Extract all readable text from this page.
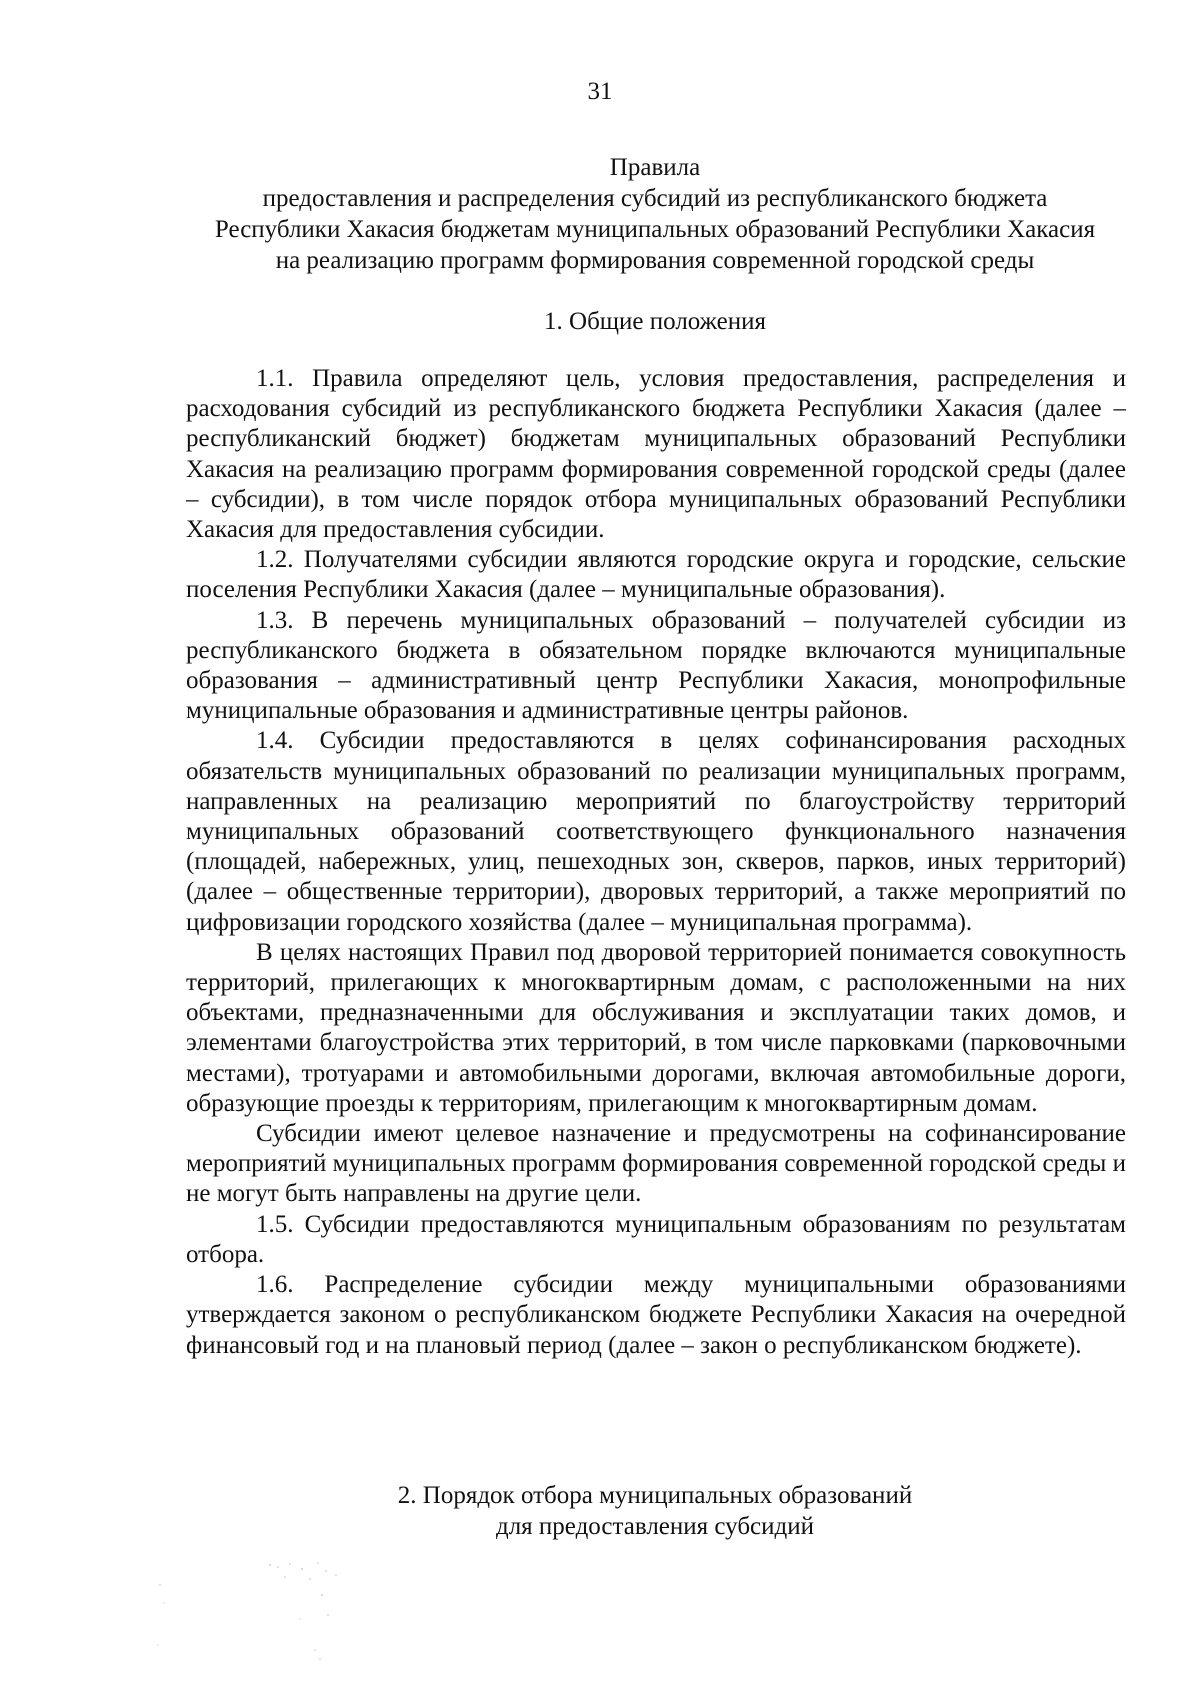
31
Правила
предоставления и распределения субсидий из республиканского бюджета
Республики Хакасия бюджетам муниципальных образований Республики Хакасия
на реализацию программ формирования современной городской среды
1. Общие положения

1.1. Правила определяют цель, условия предоставления, распределения и расходования субсидий из республиканского бюджета Республики Хакасия (далее – республиканский бюджет) бюджетам муниципальных образований Республики Хакасия на реализацию программ формирования современной городской среды (далее – субсидии), в том числе порядок отбора муниципальных образований Республики Хакасия для предоставления субсидии.

1.2. Получателями субсидии являются городские округа и городские, сельские поселения Республики Хакасия (далее – муниципальные образования).

1.3. В перечень муниципальных образований – получателей субсидии из республиканского бюджета в обязательном порядке включаются муниципальные образования – административный центр Республики Хакасия, монопрофильные муниципальные образования и административные центры районов.

1.4. Субсидии предоставляются в целях софинансирования расходных обязательств муниципальных образований по реализации муниципальных программ, направленных на реализацию мероприятий по благоустройству территорий муниципальных образований соответствующего функционального назначения (площадей, набережных, улиц, пешеходных зон, скверов, парков, иных территорий) (далее – общественные территории), дворовых территорий, а также мероприятий по цифровизации городского хозяйства (далее – муниципальная программа).

В целях настоящих Правил под дворовой территорией понимается совокупность территорий, прилегающих к многоквартирным домам, с расположенными на них объектами, предназначенными для обслуживания и эксплуатации таких домов, и элементами благоустройства этих территорий, в том числе парковками (парковочными местами), тротуарами и автомобильными дорогами, включая автомобильные дороги, образующие проезды к территориям, прилегающим к многоквартирным домам.

Субсидии имеют целевое назначение и предусмотрены на софинансирование мероприятий муниципальных программ формирования современной городской среды и не могут быть направлены на другие цели.

1.5. Субсидии предоставляются муниципальным образованиям по результатам отбора.

1.6. Распределение субсидии между муниципальными образованиями утверждается законом о республиканском бюджете Республики Хакасия на очередной финансовый год и на плановый период (далее – закон о республиканском бюджете).

2. Порядок отбора муниципальных образований
для предоставления субсидий
